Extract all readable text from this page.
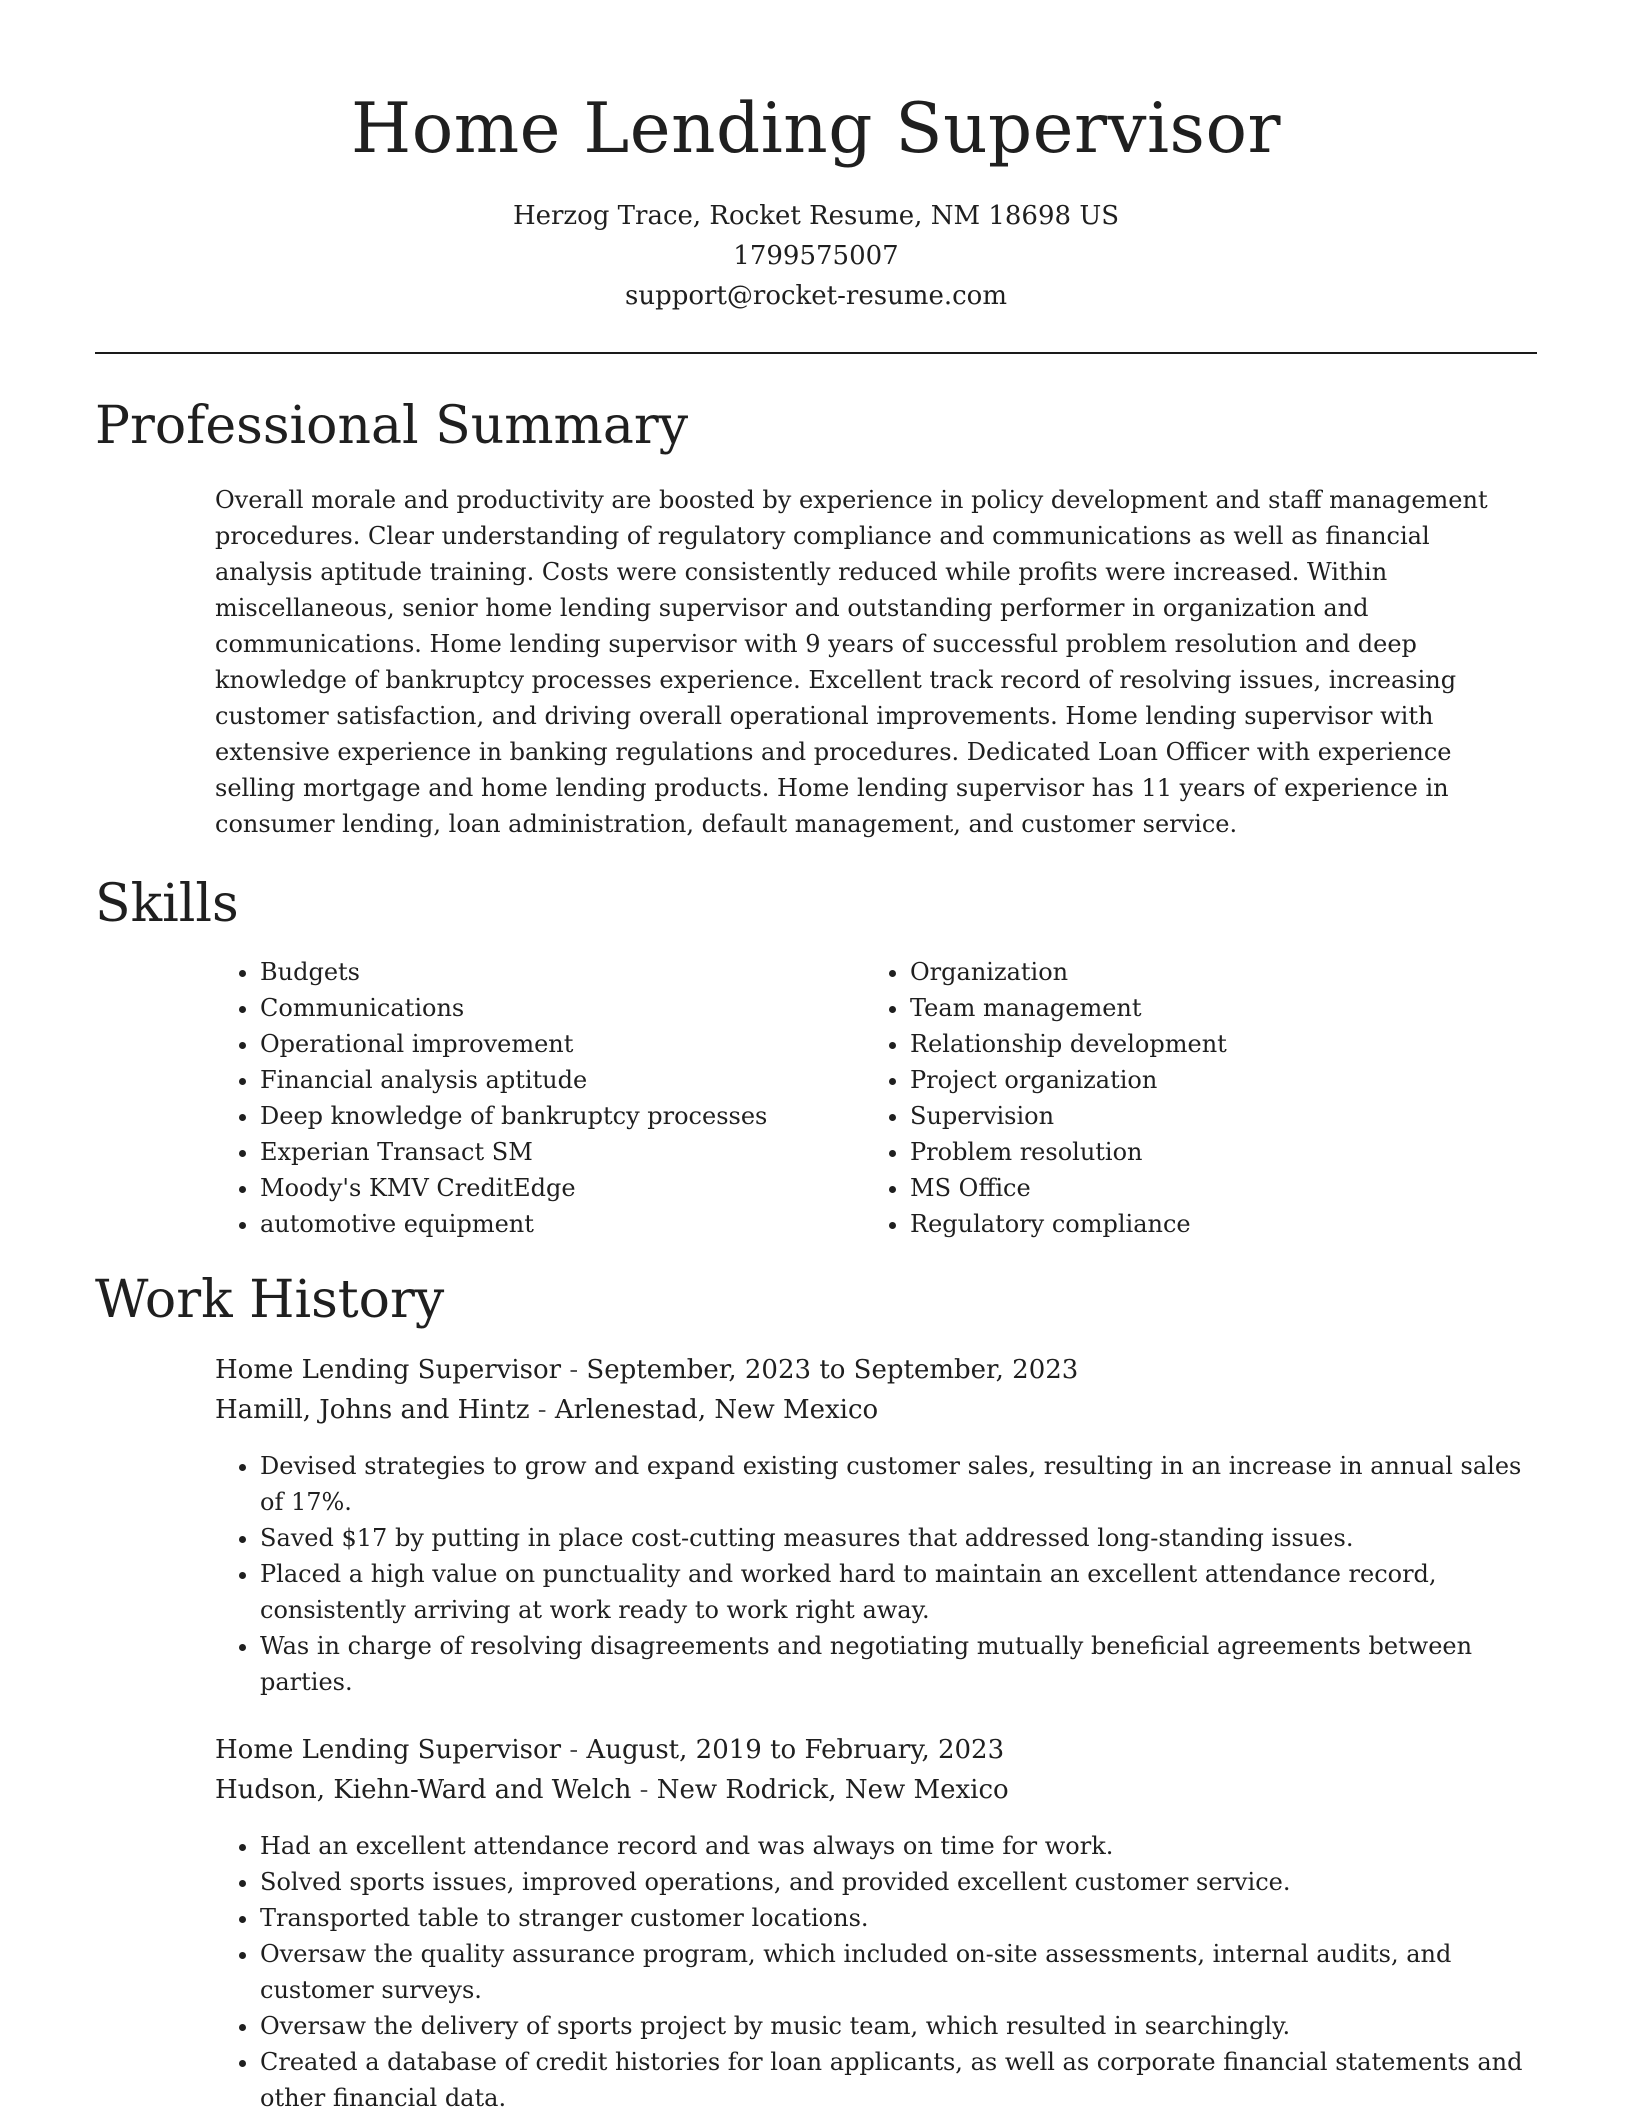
Home Lending Supervisor
Herzog Trace, Rocket Resume, NM 18698 US
1799575007
support@rocket-resume.com
Professional Summary

Overall morale and productivity are boosted by experience in policy development and staff management procedures. Clear understanding of regulatory compliance and communications as well as financial analysis aptitude training. Costs were consistently reduced while profits were increased. Within miscellaneous, senior home lending supervisor and outstanding performer in organization and communications. Home lending supervisor with 9 years of successful problem resolution and deep knowledge of bankruptcy processes experience. Excellent track record of resolving issues, increasing customer satisfaction, and driving overall operational improvements. Home lending supervisor with extensive experience in banking regulations and procedures. Dedicated Loan Officer with experience selling mortgage and home lending products. Home lending supervisor has 11 years of experience in consumer lending, loan administration, default management, and customer service.

Skills
• Budgets
• Communications
• Operational improvement
• Financial analysis aptitude
• Deep knowledge of bankruptcy processes
• Experian Transact SM
• Moody's KMV CreditEdge
• automotive equipment
• Organization
• Team management
• Relationship development
• Project organization
• Supervision
• Problem resolution
• MS Office
• Regulatory compliance
Work History
Home Lending Supervisor - September, 2023 to September, 2023
Hamill, Johns and Hintz - Arlenestad, New Mexico
• Devised strategies to grow and expand existing customer sales, resulting in an increase in annual sales of 17%.
• Saved $17 by putting in place cost-cutting measures that addressed long-standing issues.
• Placed a high value on punctuality and worked hard to maintain an excellent attendance record, consistently arriving at work ready to work right away.
• Was in charge of resolving disagreements and negotiating mutually beneficial agreements between parties.
Home Lending Supervisor - August, 2019 to February, 2023
Hudson, Kiehn-Ward and Welch - New Rodrick, New Mexico
• Had an excellent attendance record and was always on time for work.
• Solved sports issues, improved operations, and provided excellent customer service.
• Transported table to stranger customer locations.
• Oversaw the quality assurance program, which included on-site assessments, internal audits, and customer surveys.
• Oversaw the delivery of sports project by music team, which resulted in searchingly.
• Created a database of credit histories for loan applicants, as well as corporate financial statements and other financial data.
